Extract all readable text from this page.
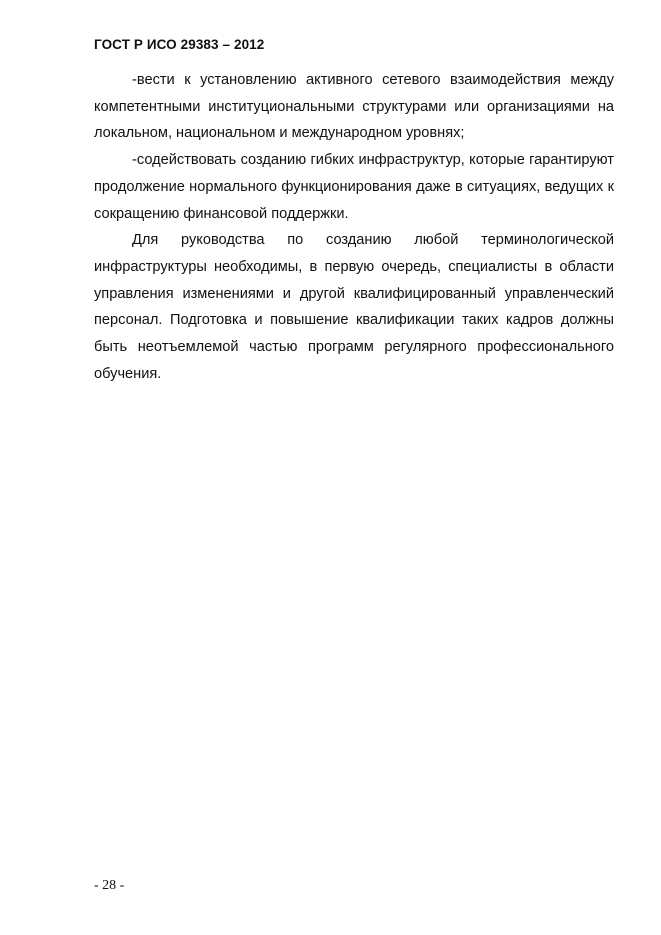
ГОСТ Р ИСО 29383 – 2012

-вести к установлению активного сетевого взаимодействия между компетентными институциональными структурами или организациями на локальном, национальном и международном уровнях;

-содействовать созданию гибких инфраструктур, которые гарантируют продолжение нормального функционирования даже в ситуациях, ведущих к сокращению финансовой поддержки.

Для руководства по созданию любой терминологической инфраструктуры необходимы, в первую очередь, специалисты в области управления изменениями и другой квалифицированный управленческий персонал. Подготовка и повышение квалификации таких кадров должны быть неотъемлемой частью программ регулярного профессионального обучения.

- 28 -
